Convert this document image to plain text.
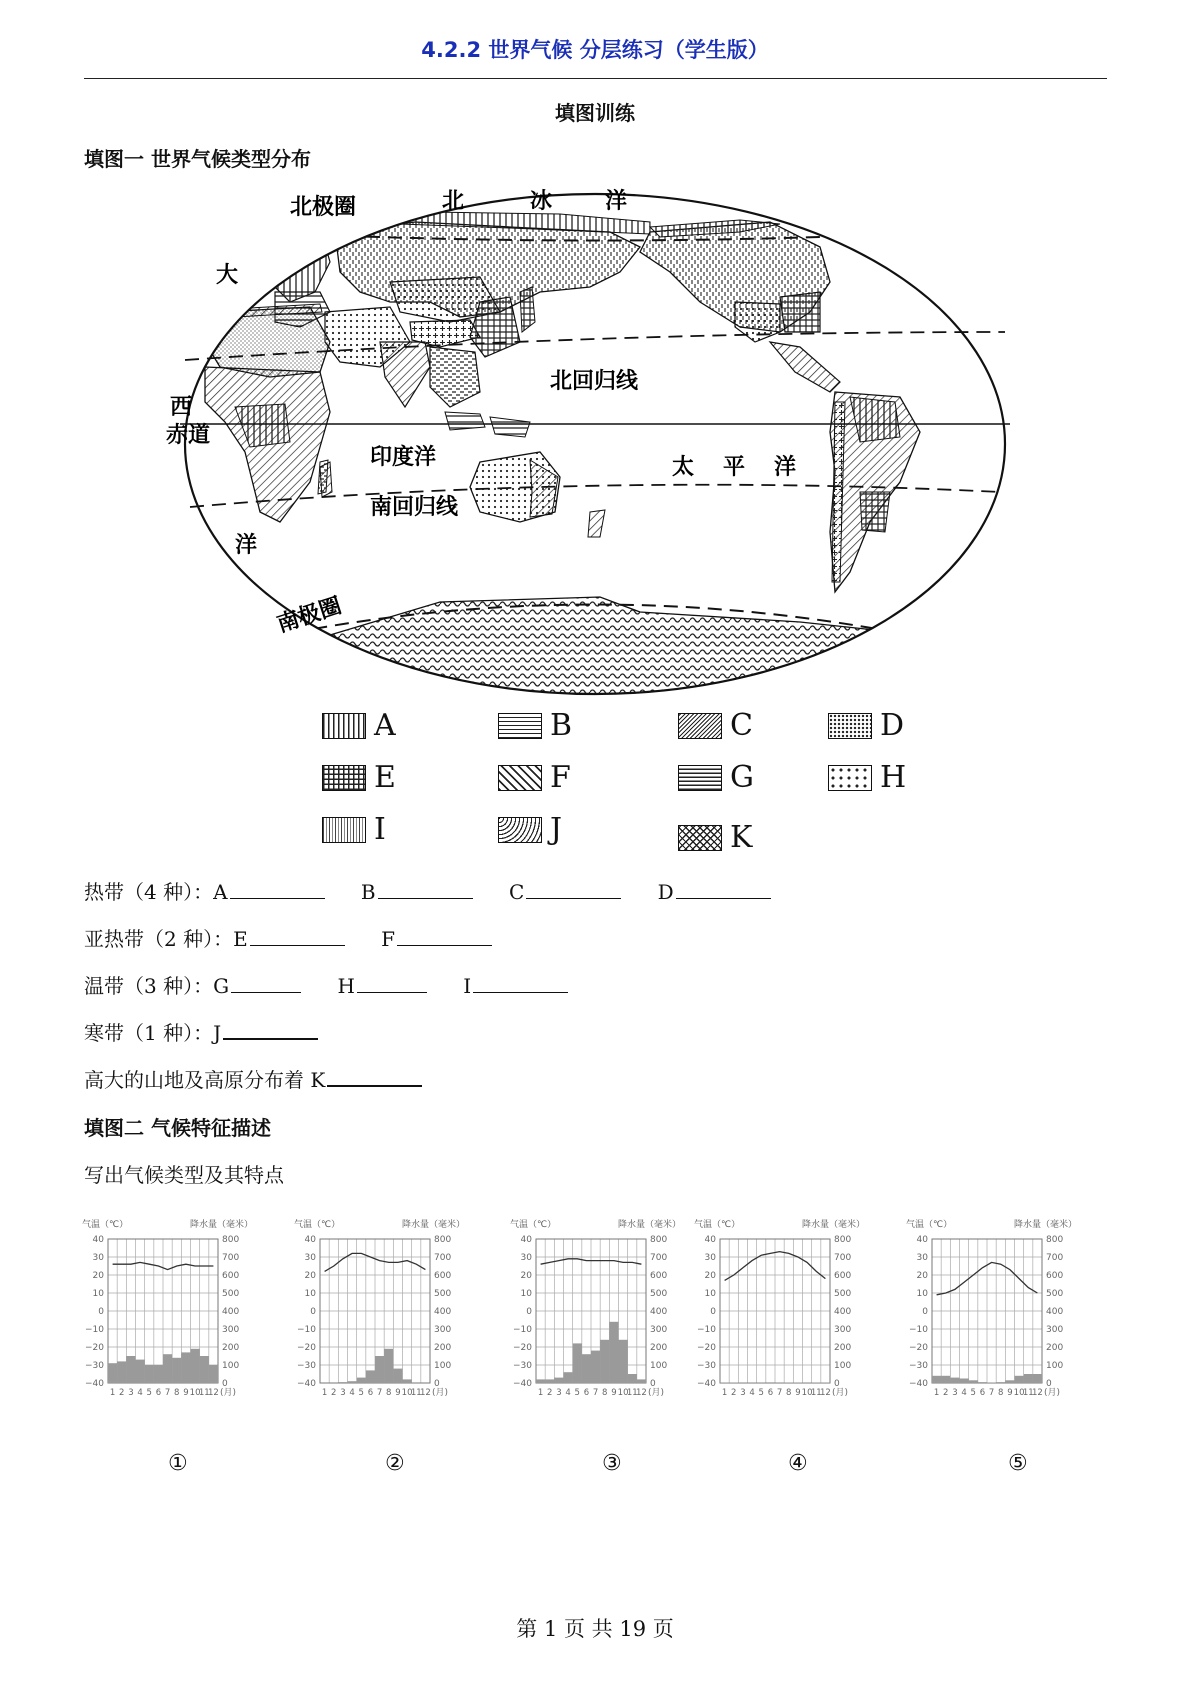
4.2.2 世界气候 分层练习（学生版）
填图训练
填图一 世界气候类型分布
北极圈	北	冰 洋
大
西
赤道
北回归线
印度洋	太 平 洋
南回归线
洋
南极圈
A	B	C	D
E	F	G	H
I	J	K
热带（4 种）：A	B	C	D
亚热带（2 种）：E	F
温带（3 种）：G	H	I
寒带（1 种）：J
高大的山地及高原分布着 K
填图二 气候特征描述
写出气候类型及其特点
气温（℃）	降水量（毫米）
−40
−30
−20
−10
0
10
20
30
40
0
100
200
300
400
500
600
700
800
1 2 3 4 5 6 7 8 9 10
11
12 (月)
①
气温（℃）	降水量（毫米）
−40
−30
−20
−10
0
10
20
30
40
0
100
200
300
400
500
600
700
800
1 2 3 4 5 6 7 8 9 10
11
12 (月)
②
气温（℃）	降水量（毫米）
−40
−30
−20
−10
0
10
20
30
40
0
100
200
300
400
500
600
700
800
1 2 3 4 5 6 7 8 9 10
11
12 (月)
③
气温（℃）	降水量（毫米）
−40
−30
−20
−10
0
10
20
30
40
0
100
200
300
400
500
600
700
800
1 2 3 4 5 6 7 8 9 10
11
12 (月)
④
气温（℃）	降水量（毫米）
−40
−30
−20
−10
0
10
20
30
40
0
100
200
300
400
500
600
700
800
1 2 3 4 5 6 7 8 9 10
11
12 (月)
⑤
第 1 页 共 19 页
